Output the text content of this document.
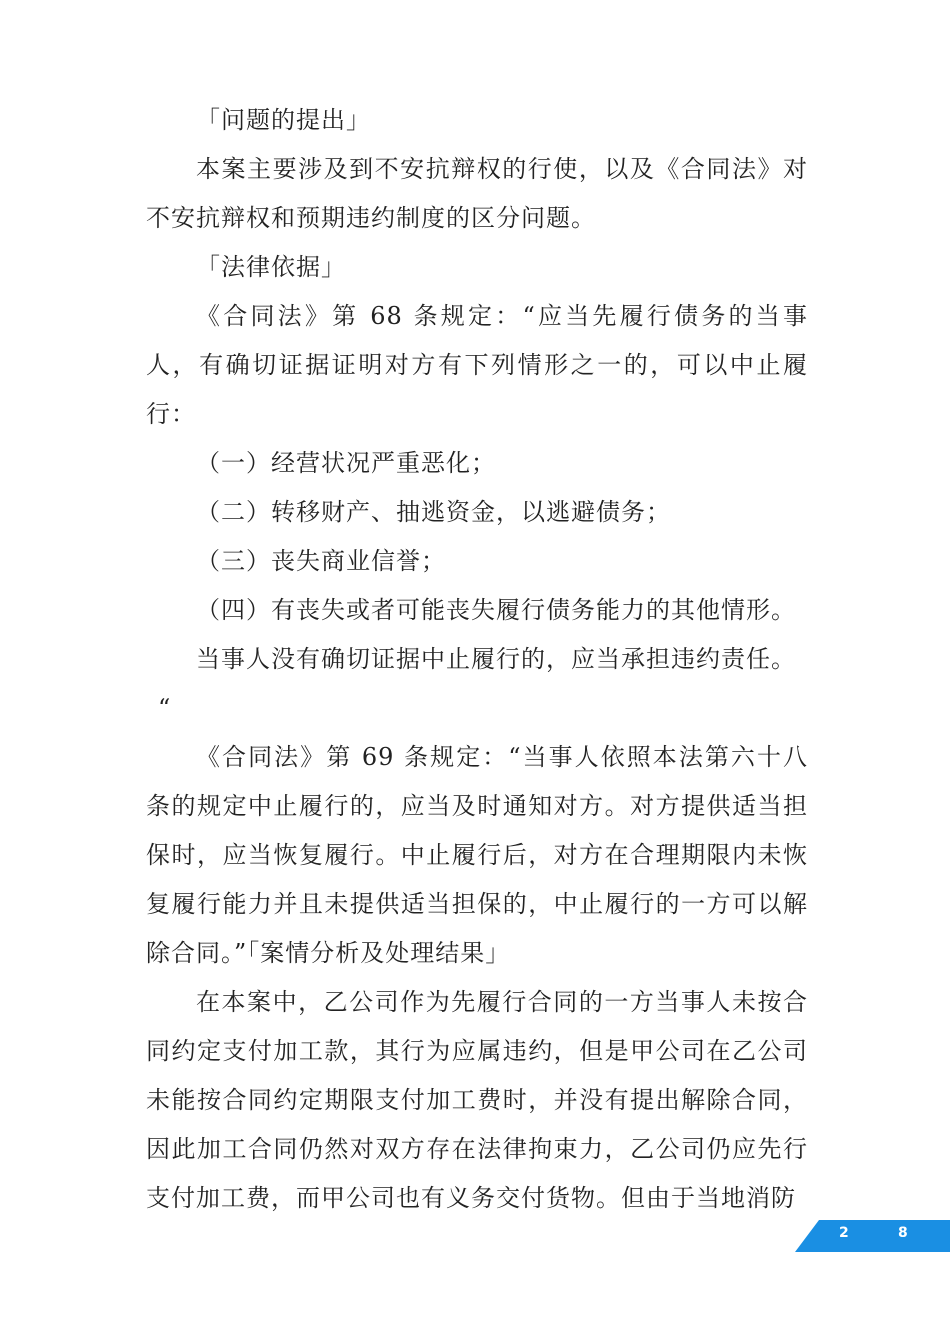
「问题的提出」

本案主要涉及到不安抗辩权的行使，以及《合同法》对不安抗辩权和预期违约制度的区分问题。

「法律依据」

《合同法》第 68 条规定：“应当先履行债务的当事人，有确切证据证明对方有下列情形之一的，可以中止履行：

（一）经营状况严重恶化；

（二）转移财产、抽逃资金，以逃避债务；

（三）丧失商业信誉；

（四）有丧失或者可能丧失履行债务能力的其他情形。

当事人没有确切证据中止履行的，应当承担违约责任。

“

《合同法》第 69 条规定：“当事人依照本法第六十八条的规定中止履行的，应当及时通知对方。对方提供适当担保时，应当恢复履行。中止履行后，对方在合理期限内未恢复履行能力并且未提供适当担保的，中止履行的一方可以解除合同。”「案情分析及处理结果」

在本案中，乙公司作为先履行合同的一方当事人未按合同约定支付加工款，其行为应属违约，但是甲公司在乙公司未能按合同约定期限支付加工费时，并没有提出解除合同，因此加工合同仍然对双方存在法律拘束力，乙公司仍应先行支付加工费，而甲公司也有义务交付货物。但由于当地消防

2	8
